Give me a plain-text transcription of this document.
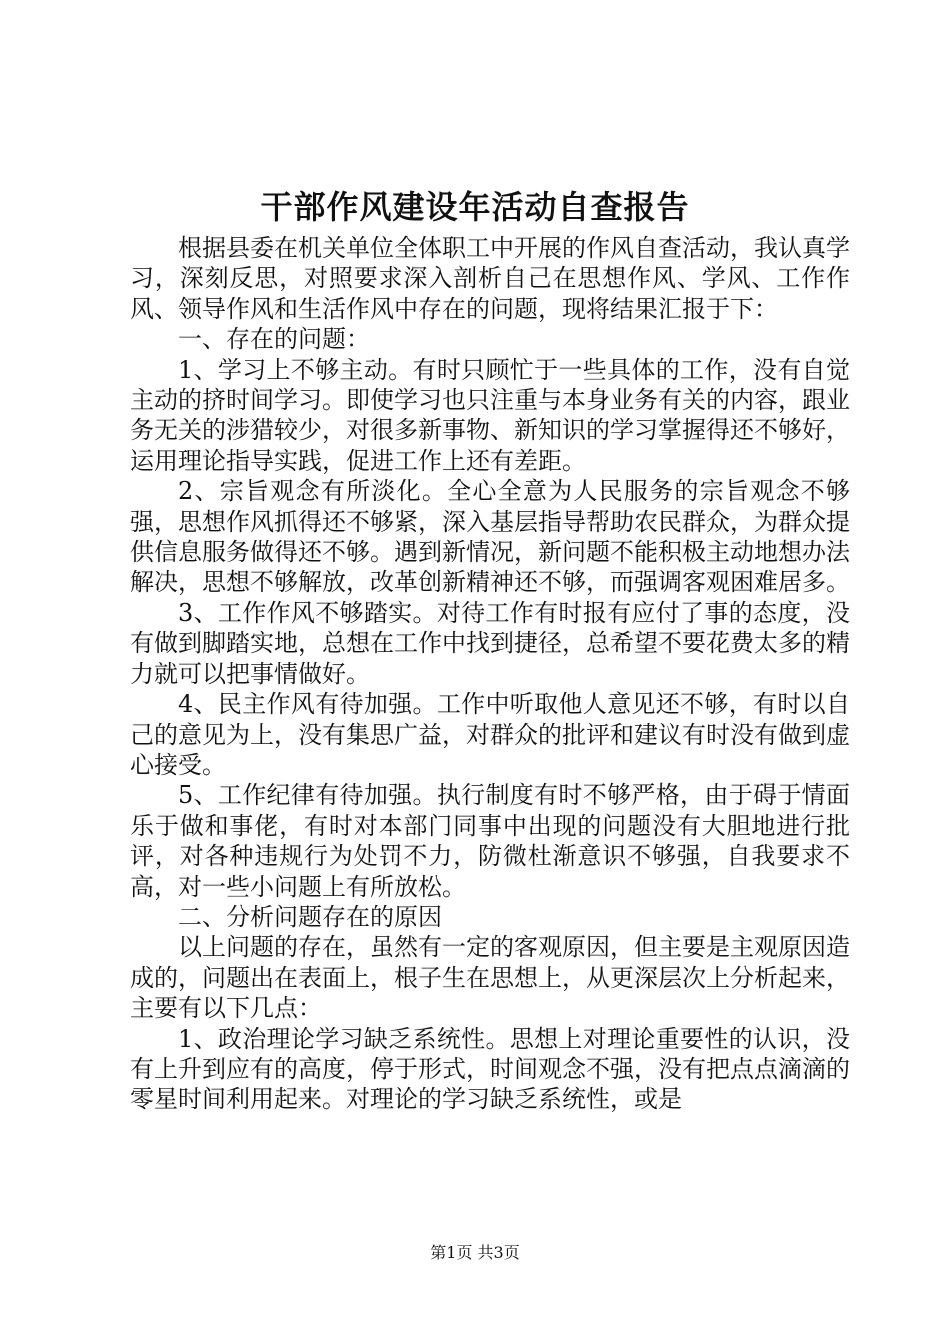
干部作风建设年活动自查报告

根据县委在机关单位全体职工中开展的作风自查活动，我认真学习，深刻反思，对照要求深入剖析自己在思想作风、学风、工作作风、领导作风和生活作风中存在的问题，现将结果汇报于下：

一、存在的问题：

1、学习上不够主动。有时只顾忙于一些具体的工作，没有自觉主动的挤时间学习。即使学习也只注重与本身业务有关的内容，跟业务无关的涉猎较少，对很多新事物、新知识的学习掌握得还不够好，运用理论指导实践，促进工作上还有差距。

2、宗旨观念有所淡化。全心全意为人民服务的宗旨观念不够强，思想作风抓得还不够紧，深入基层指导帮助农民群众，为群众提供信息服务做得还不够。遇到新情况，新问题不能积极主动地想办法解决，思想不够解放，改革创新精神还不够，而强调客观困难居多。

3、工作作风不够踏实。对待工作有时报有应付了事的态度，没有做到脚踏实地，总想在工作中找到捷径，总希望不要花费太多的精力就可以把事情做好。

4、民主作风有待加强。工作中听取他人意见还不够，有时以自己的意见为上，没有集思广益，对群众的批评和建议有时没有做到虚心接受。

5、工作纪律有待加强。执行制度有时不够严格，由于碍于情面乐于做和事佬，有时对本部门同事中出现的问题没有大胆地进行批评，对各种违规行为处罚不力，防微杜渐意识不够强，自我要求不高，对一些小问题上有所放松。

二、分析问题存在的原因

以上问题的存在，虽然有一定的客观原因，但主要是主观原因造成的，问题出在表面上，根子生在思想上，从更深层次上分析起来，主要有以下几点：

1、政治理论学习缺乏系统性。思想上对理论重要性的认识，没有上升到应有的高度，停于形式，时间观念不强，没有把点点滴滴的零星时间利用起来。对理论的学习缺乏系统性，或是

第1页 共3页
